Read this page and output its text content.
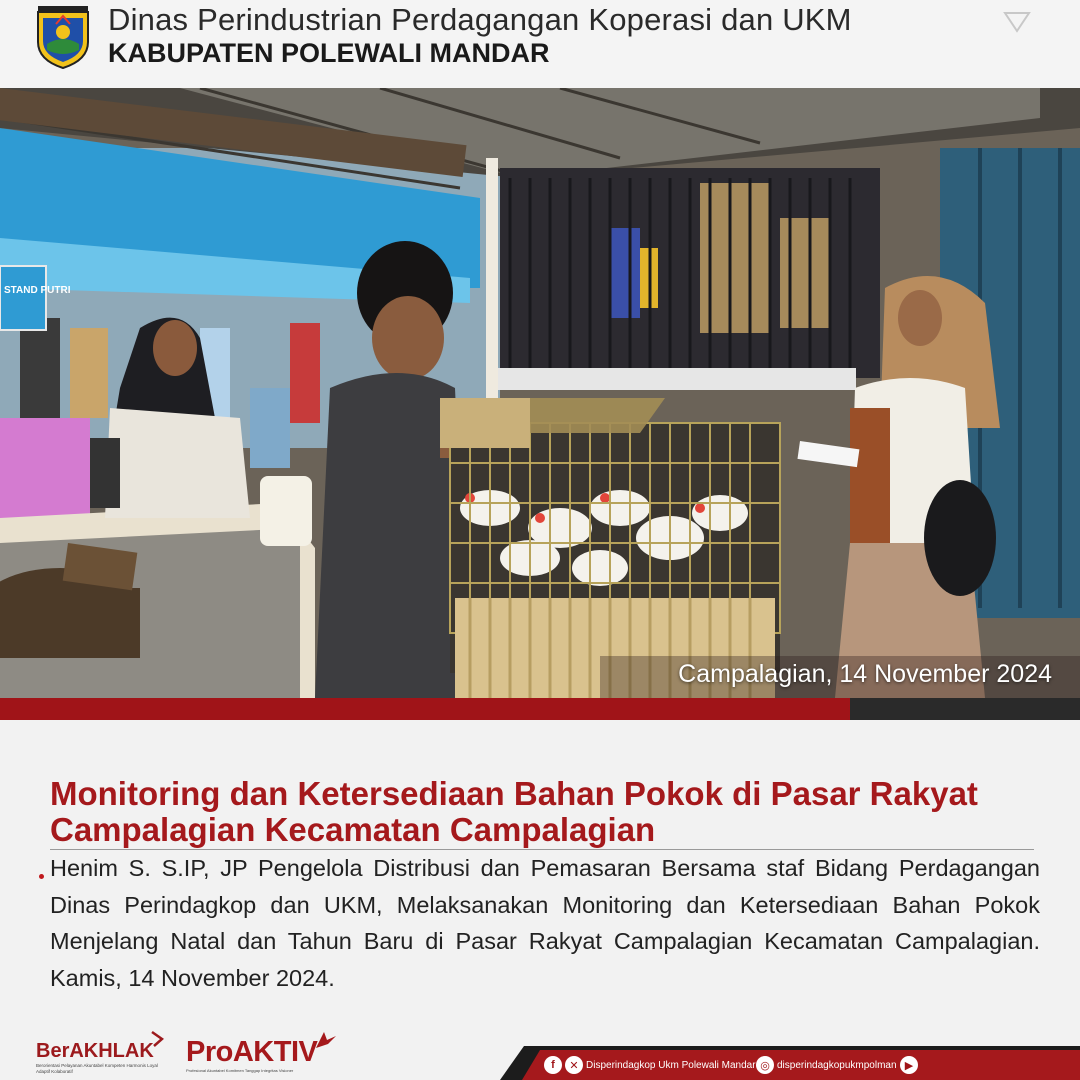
Dinas Perindustrian Perdagangan Koperasi dan UKM
KABUPATEN POLEWALI MANDAR
STAND PUTRI
Campalagian, 14 November 2024
Monitoring dan Ketersediaan Bahan Pokok di Pasar Rakyat Campalagian Kecamatan Campalagian
Henim S. S.IP, JP Pengelola Distribusi dan Pemasaran Bersama staf Bidang Perdagangan Dinas Perindagkop dan UKM, Melaksanakan Monitoring dan Ketersediaan Bahan Pokok Menjelang Natal dan Tahun Baru di Pasar Rakyat Campalagian Kecamatan Campalagian. Kamis, 14 November 2024.
BerAKHLAK
Berorientasi Pelayanan Akuntabel Kompeten Harmonis Loyal Adaptif Kolaboratif
ProAKTIV
Profesional Akuntabel Komitmen Tanggap Integritas Visioner	f	✕ Disperindagkop Ukm Polewali Mandar ◎ disperindagkopukmpolman ▶
